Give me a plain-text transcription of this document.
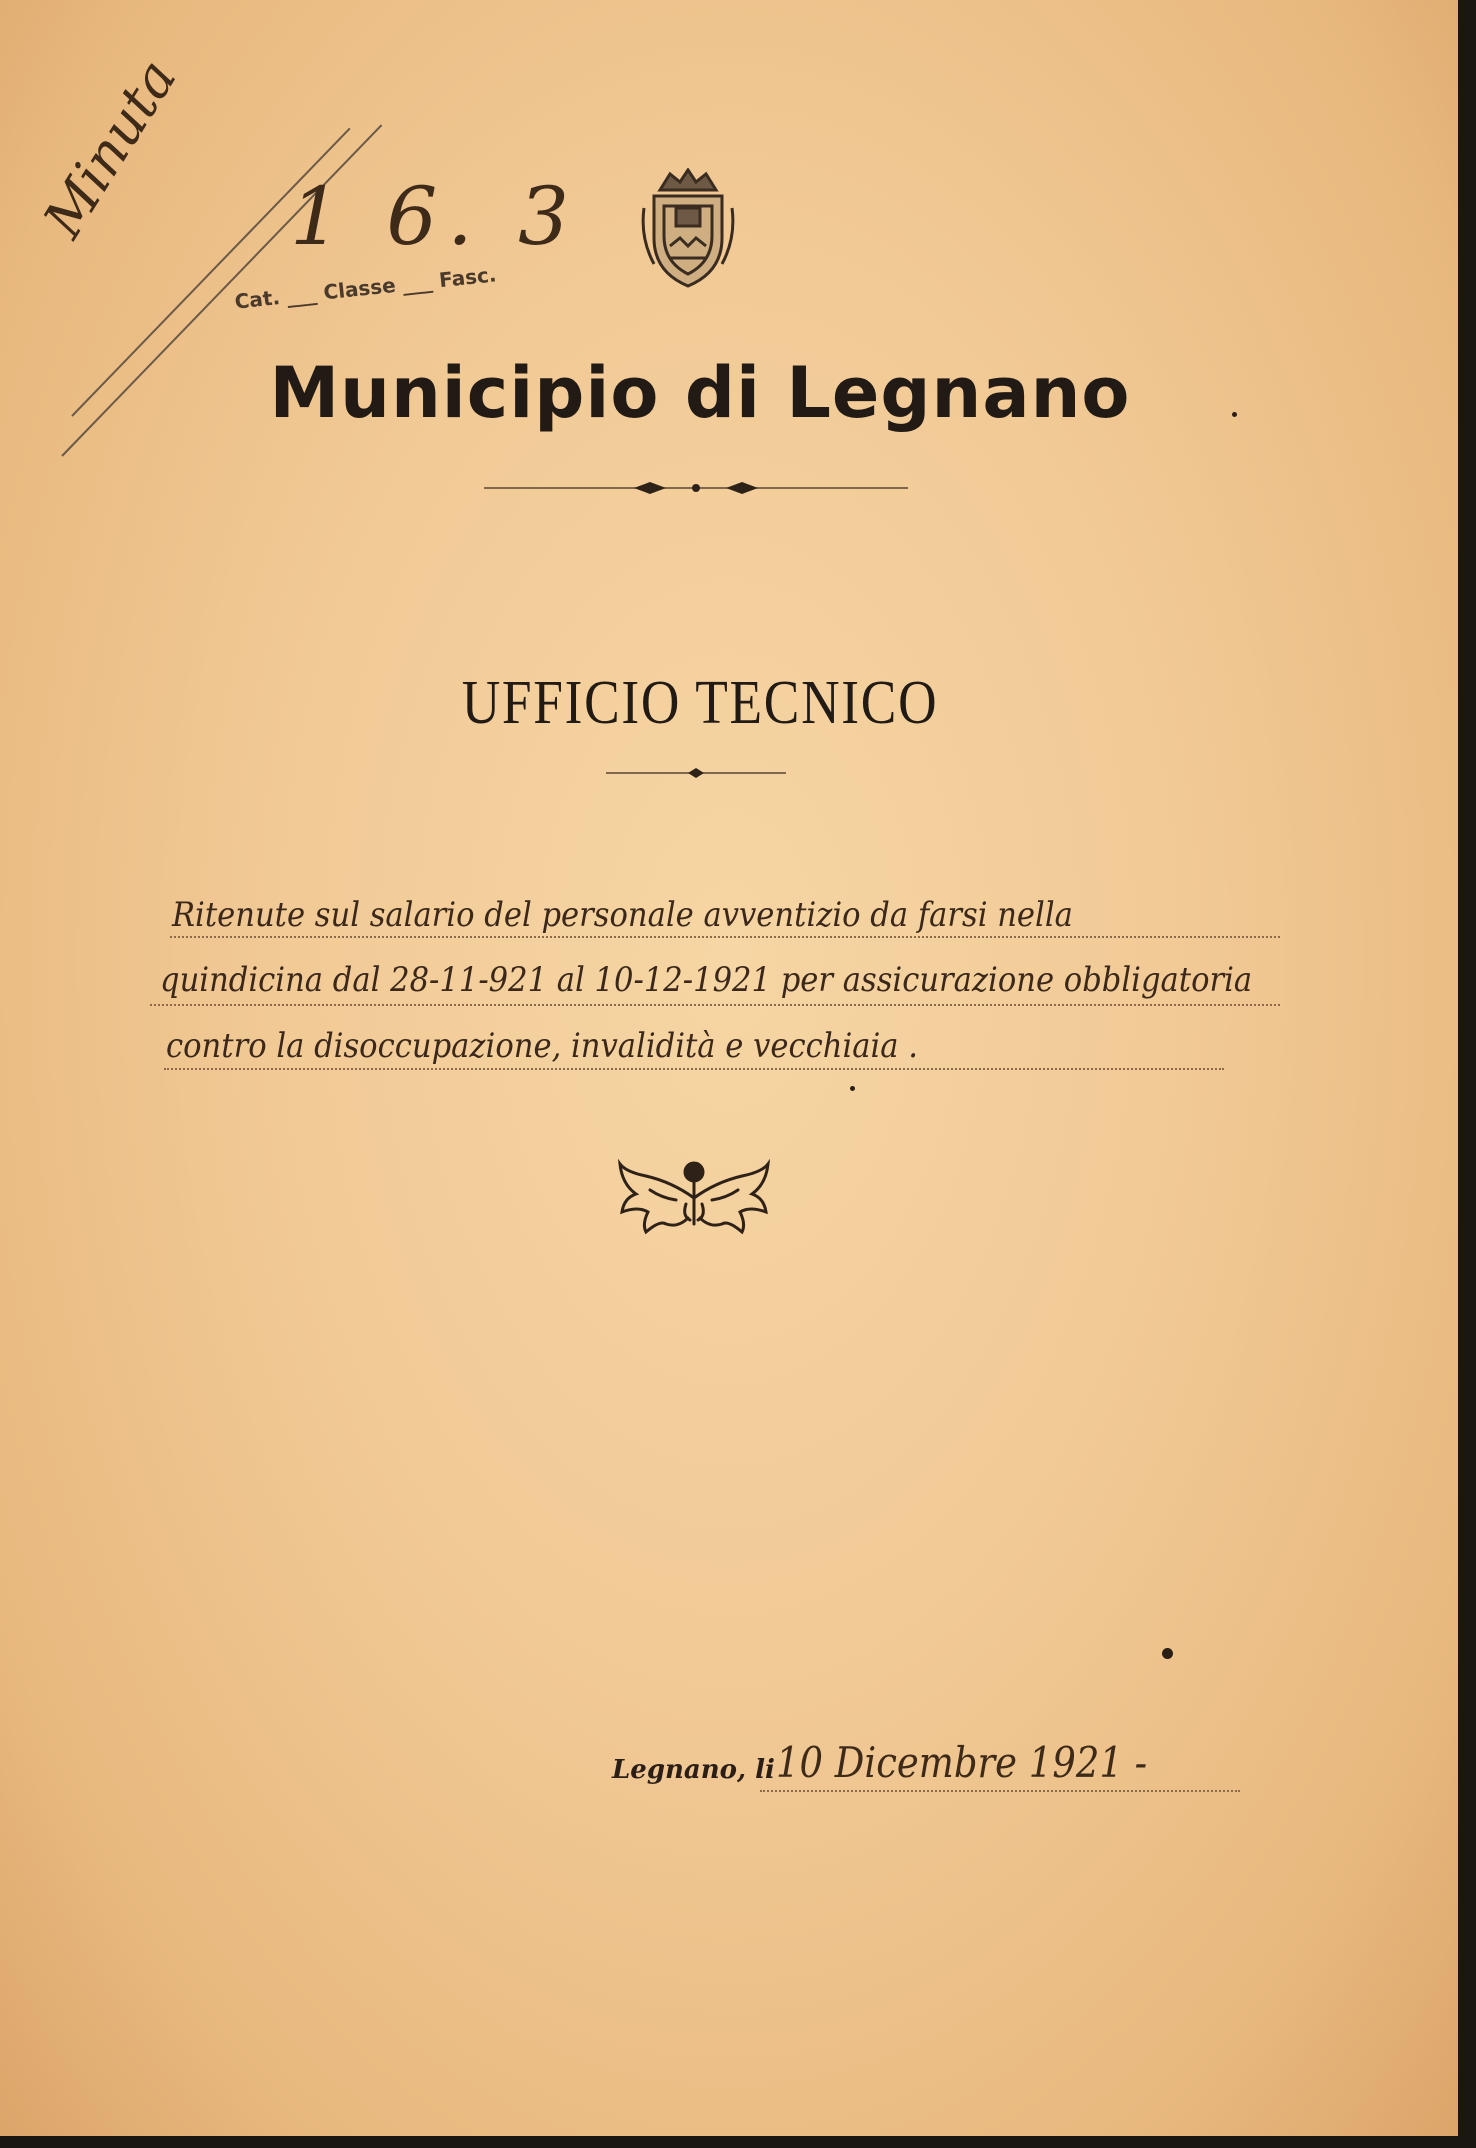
Minuta 1 6. 3
Cat. ___ Classe ___ Fasc.
Municipio di Legnano
UFFICIO TECNICO
Ritenute sul salario del personale avventizio da farsi nella
quindicina dal 28-11-921 al 10-12-1921 per assicurazione obbligatoria
contro la disoccupazione, invalidità e vecchiaia .
Legnano, li 10 Dicembre 1921 -
